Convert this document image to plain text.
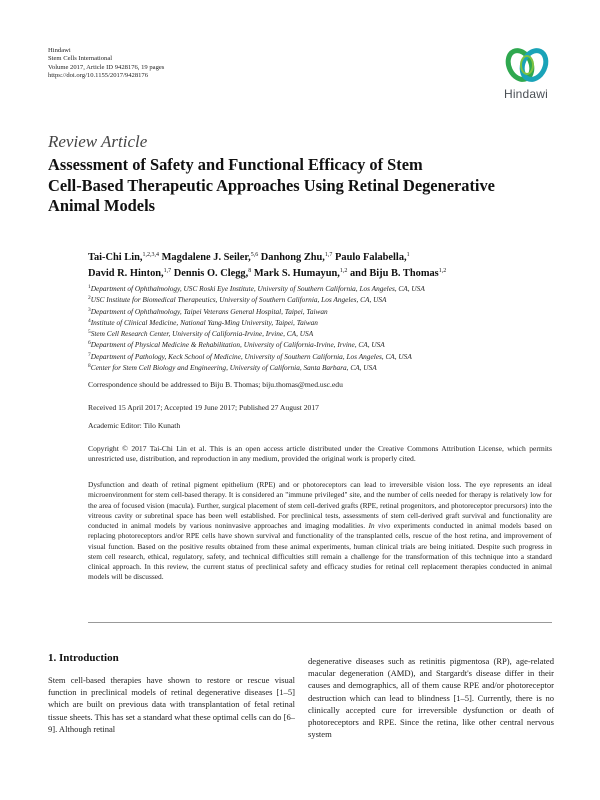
Hindawi
Stem Cells International
Volume 2017, Article ID 9428176, 19 pages
https://doi.org/10.1155/2017/9428176
Hindawi
Review Article
Assessment of Safety and Functional Efficacy of Stem
Cell-Based Therapeutic Approaches Using Retinal Degenerative
Animal Models
Tai-Chi Lin,$^{1,2,3,4}$ Magdalene J. Seiler,$^{5,6}$ Danhong Zhu,$^{1,7}$ Paulo Falabella,$^1$
David R. Hinton,$^{1,7}$ Dennis O. Clegg,$^8$ Mark S. Humayun,$^{1,2}$ and Biju B. Thomas$^{1,2}$
$^1$Department of Ophthalmology, USC Roski Eye Institute, University of Southern California, Los Angeles, CA, USA
$^2$USC Institute for Biomedical Therapeutics, University of Southern California, Los Angeles, CA, USA
$^3$Department of Ophthalmology, Taipei Veterans General Hospital, Taipei, Taiwan
$^4$Institute of Clinical Medicine, National Yang-Ming University, Taipei, Taiwan
$^5$Stem Cell Research Center, University of California-Irvine, Irvine, CA, USA
$^6$Department of Physical Medicine & Rehabilitation, University of California-Irvine, Irvine, CA, USA
$^7$Department of Pathology, Keck School of Medicine, University of Southern California, Los Angeles, CA, USA
$^8$Center for Stem Cell Biology and Engineering, University of California, Santa Barbara, CA, USA
Correspondence should be addressed to Biju B. Thomas; biju.thomas@med.usc.edu
Received 15 April 2017; Accepted 19 June 2017; Published 27 August 2017
Academic Editor: Tilo Kunath
Copyright © 2017 Tai-Chi Lin et al. This is an open access article distributed under the Creative Commons Attribution License, which permits unrestricted use, distribution, and reproduction in any medium, provided the original work is properly cited.
Dysfunction and death of retinal pigment epithelium (RPE) and or photoreceptors can lead to irreversible vision loss. The eye represents an ideal microenvironment for stem cell-based therapy. It is considered an "immune privileged" site, and the number of cells needed for therapy is relatively low for the area of focused vision (macula). Further, surgical placement of stem cell-derived grafts (RPE, retinal progenitors, and photoreceptor precursors) into the vitreous cavity or subretinal space has been well established. For preclinical tests, assessments of stem cell-derived graft survival and functionality are conducted in animal models by various noninvasive approaches and imaging modalities. In vivo experiments conducted in animal models based on replacing photoreceptors and/or RPE cells have shown survival and functionality of the transplanted cells, rescue of the host retina, and improvement of visual function. Based on the positive results obtained from these animal experiments, human clinical trials are being initiated. Despite such progress in stem cell research, ethical, regulatory, safety, and technical difficulties still remain a challenge for the transformation of this technique into a standard clinical approach. In this review, the current status of preclinical safety and efficacy studies for retinal cell replacement therapies conducted in animal models will be discussed.
1. Introduction
Stem cell-based therapies have shown to restore or rescue visual function in preclinical models of retinal degenerative diseases [1–5] which are built on previous data with transplantation of fetal retinal tissue sheets. This has set a standard what these optimal cells can do [6–9]. Although retinal
degenerative diseases such as retinitis pigmentosa (RP), age-related macular degeneration (AMD), and Stargardt's disease differ in their causes and demographics, all of them cause RPE and/or photoreceptor destruction which can lead to blindness [1–5]. Currently, there is no clinically accepted cure for irreversible dysfunction or death of photoreceptors and RPE. Since the retina, like other central nervous system
